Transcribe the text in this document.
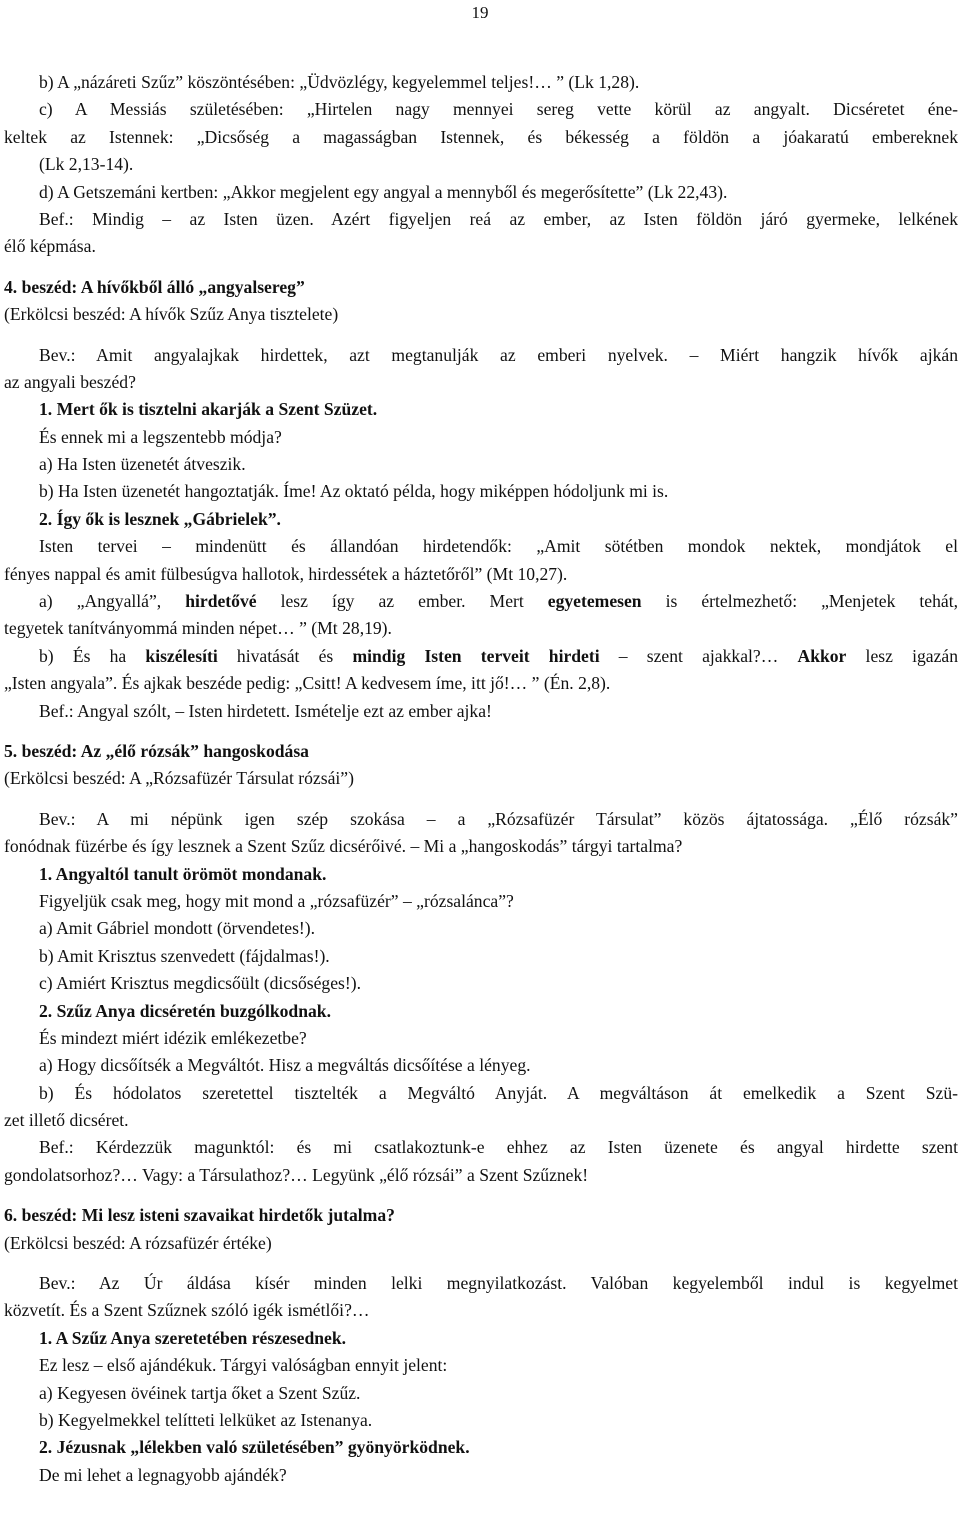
19
b) A „názáreti Szűz” köszöntésében: „Üdvözlégy, kegyelemmel teljes!… ” (Lk 1,28).
c) A Messiás születésében: „Hirtelen nagy mennyei sereg vette körül az angyalt. Dicséretet éne-
keltek az Istennek: „Dicsőség a magasságban Istennek, és békesség a földön a jóakaratú embereknek
(Lk 2,13-14).
d) A Getszemáni kertben: „Akkor megjelent egy angyal a mennyből és megerősítette” (Lk 22,43).
Bef.: Mindig – az Isten üzen. Azért figyeljen reá az ember, az Isten földön járó gyermeke, lelkének
élő képmása.
4. beszéd: A hívőkből álló „angyalsereg”
(Erkölcsi beszéd: A hívők Szűz Anya tisztelete)
Bev.: Amit angyalajkak hirdettek, azt megtanulják az emberi nyelvek. – Miért hangzik hívők ajkán
az angyali beszéd?
1. Mert ők is tisztelni akarják a Szent Szüzet.
És ennek mi a legszentebb módja?
a) Ha Isten üzenetét átveszik.
b) Ha Isten üzenetét hangoztatják. Íme! Az oktató példa, hogy miképpen hódoljunk mi is.
2. Így ők is lesznek „Gábrielek”.
Isten tervei – mindenütt és állandóan hirdetendők: „Amit sötétben mondok nektek, mondjátok el
fényes nappal és amit fülbesúgva hallotok, hirdessétek a háztetőről” (Mt 10,27).
a) „Angyallá”, hirdetővé lesz így az ember. Mert egyetemesen is értelmezhető: „Menjetek tehát,
tegyetek tanítványommá minden népet… ” (Mt 28,19).
b) És ha kiszélesíti hivatását és mindig Isten terveit hirdeti – szent ajakkal?… Akkor lesz igazán
„Isten angyala”. És ajkak beszéde pedig: „Csitt! A kedvesem íme, itt jő!… ” (Én. 2,8).
Bef.: Angyal szólt, – Isten hirdetett. Ismételje ezt az ember ajka!
5. beszéd: Az „élő rózsák” hangoskodása
(Erkölcsi beszéd: A „Rózsafüzér Társulat rózsái”)
Bev.: A mi népünk igen szép szokása – a „Rózsafüzér Társulat” közös ájtatossága. „Élő rózsák”
fonódnak füzérbe és így lesznek a Szent Szűz dicsérőivé. – Mi a „hangoskodás” tárgyi tartalma?
1. Angyaltól tanult örömöt mondanak.
Figyeljük csak meg, hogy mit mond a „rózsafüzér” – „rózsalánca”?
a) Amit Gábriel mondott (örvendetes!).
b) Amit Krisztus szenvedett (fájdalmas!).
c) Amiért Krisztus megdicsőült (dicsőséges!).
2. Szűz Anya dicséretén buzgólkodnak.
És mindezt miért idézik emlékezetbe?
a) Hogy dicsőítsék a Megváltót. Hisz a megváltás dicsőítése a lényeg.
b) És hódolatos szeretettel tisztelték a Megváltó Anyját. A megváltáson át emelkedik a Szent Szü-
zet illető dicséret.
Bef.: Kérdezzük magunktól: és mi csatlakoztunk-e ehhez az Isten üzenete és angyal hirdette szent
gondolatsorhoz?… Vagy: a Társulathoz?… Legyünk „élő rózsái” a Szent Szűznek!
6. beszéd: Mi lesz isteni szavaikat hirdetők jutalma?
(Erkölcsi beszéd: A rózsafüzér értéke)
Bev.: Az Úr áldása kísér minden lelki megnyilatkozást. Valóban kegyelemből indul is kegyelmet
közvetít. És a Szent Szűznek szóló igék ismétlői?…
1. A Szűz Anya szeretetében részesednek.
Ez lesz – első ajándékuk. Tárgyi valóságban ennyit jelent:
a) Kegyesen övéinek tartja őket a Szent Szűz.
b) Kegyelmekkel telítteti lelküket az Istenanya.
2. Jézusnak „lélekben való születésében” gyönyörködnek.
De mi lehet a legnagyobb ajándék?
